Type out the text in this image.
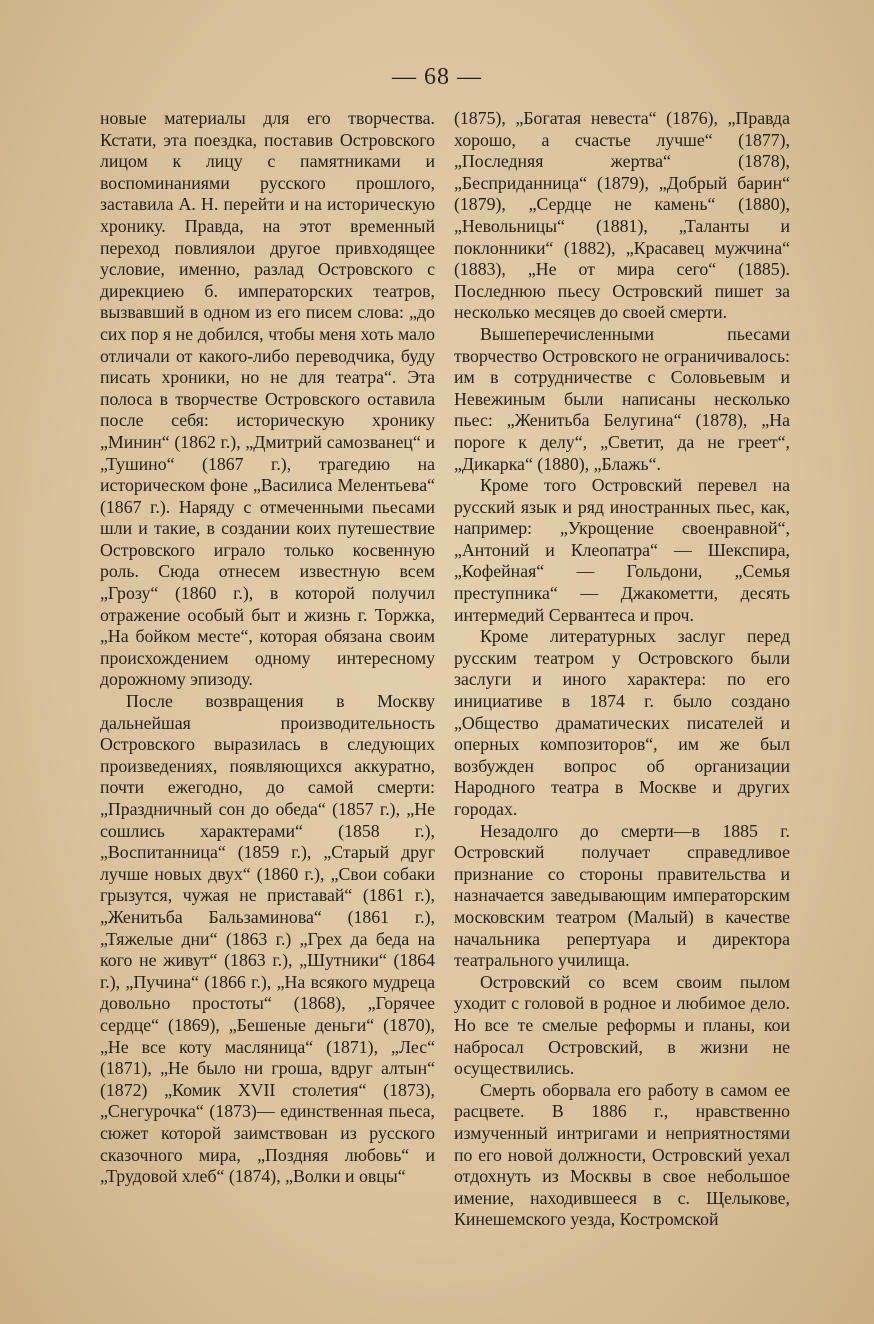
— 68 —

новые материалы для его творчества. Кстати, эта поездка, поставив Островского лицом к лицу с памятниками и воспоминаниями русского прошлого, заставила А. Н. перейти и на историческую хронику. Правда, на этот временный переход повлиялои другое привходящее условие, именно, разлад Островского с дирекциею б. императорских театров, вызвавший в одном из его писем слова: „до сих пор я не добился, чтобы меня хоть мало отличали от какого-либо переводчика, буду писать хроники, но не для театра“. Эта полоса в творчестве Островского оставила после себя: историческую хронику „Минин“ (1862 г.), „Дмитрий самозванец“ и „Тушино“ (1867 г.), трагедию на историческом фоне „Василиса Мелентьева“ (1867 г.). Наряду с отмеченными пьесами шли и такие, в создании коих путешествие Островского играло только косвенную роль. Сюда отнесем известную всем „Грозу“ (1860 г.), в которой получил отражение особый быт и жизнь г. Торжка, „На бойком месте“, которая обязана своим происхождением одному интересному дорожному эпизоду.

После возвращения в Москву дальнейшая производительность Островского выразилась в следующих произведениях, появляющихся аккуратно, почти ежегодно, до самой смерти: „Праздничный сон до обеда“ (1857 г.), „Не сошлись характерами“ (1858 г.), „Воспитанница“ (1859 г.), „Старый друг лучше новых двух“ (1860 г.), „Свои собаки грызутся, чужая не приставай“ (1861 г.), „Женитьба Бальзаминова“ (1861 г.), „Тяжелые дни“ (1863 г.) „Грех да беда на кого не живут“ (1863 г.), „Шутники“ (1864 г.), „Пучина“ (1866 г.), „На всякого мудреца довольно простоты“ (1868), „Горячее сердце“ (1869), „Бешеные деньги“ (1870), „Не все коту масляница“ (1871), „Лес“ (1871), „Не было ни гроша, вдруг алтын“ (1872) „Комик XVII столетия“ (1873), „Снегурочка“ (1873)— единственная пьеса, сюжет которой заимствован из русского сказочного мира, „Поздняя любовь“ и „Трудовой хлеб“ (1874), „Волки и овцы“

(1875), „Богатая невеста“ (1876), „Правда хорошо, а счастье лучше“ (1877), „Последняя жертва“ (1878), „Бесприданница“ (1879), „Добрый барин“ (1879), „Сердце не камень“ (1880), „Невольницы“ (1881), „Таланты и поклонники“ (1882), „Красавец мужчина“ (1883), „Не от мира сего“ (1885). Последнюю пьесу Островский пишет за несколько месяцев до своей смерти.

Вышеперечисленными пьесами творчество Островского не ограничивалось: им в сотрудничестве с Соловьевым и Невежиным были написаны несколько пьес: „Женитьба Белугина“ (1878), „На пороге к делу“, „Светит, да не греет“, „Дикарка“ (1880), „Блажь“.

Кроме того Островский перевел на русский язык и ряд иностранных пьес, как, например: „Укрощение своенравной“, „Антоний и Клеопатра“ — Шекспира, „Кофейная“ — Гольдони, „Семья преступника“ — Джакометти, десять интермедий Сервантеса и проч.

Кроме литературных заслуг перед русским театром у Островского были заслуги и иного характера: по его инициативе в 1874 г. было создано „Общество драматических писателей и оперных композиторов“, им же был возбужден вопрос об организации Народного театра в Москве и других городах.

Незадолго до смерти—в 1885 г. Островский получает справедливое признание со стороны правительства и назначается заведывающим императорским московским театром (Малый) в качестве начальника репертуара и директора театрального училища.

Островский со всем своим пылом уходит с головой в родное и любимое дело. Но все те смелые реформы и планы, кои набросал Островский, в жизни не осуществились.

Смерть оборвала его работу в самом ее расцвете. В 1886 г., нравственно измученный интригами и неприятностями по его новой должности, Островский уехал отдохнуть из Москвы в свое небольшое имение, находившееся в с. Щелыкове, Кинешемского уезда, Костромской
